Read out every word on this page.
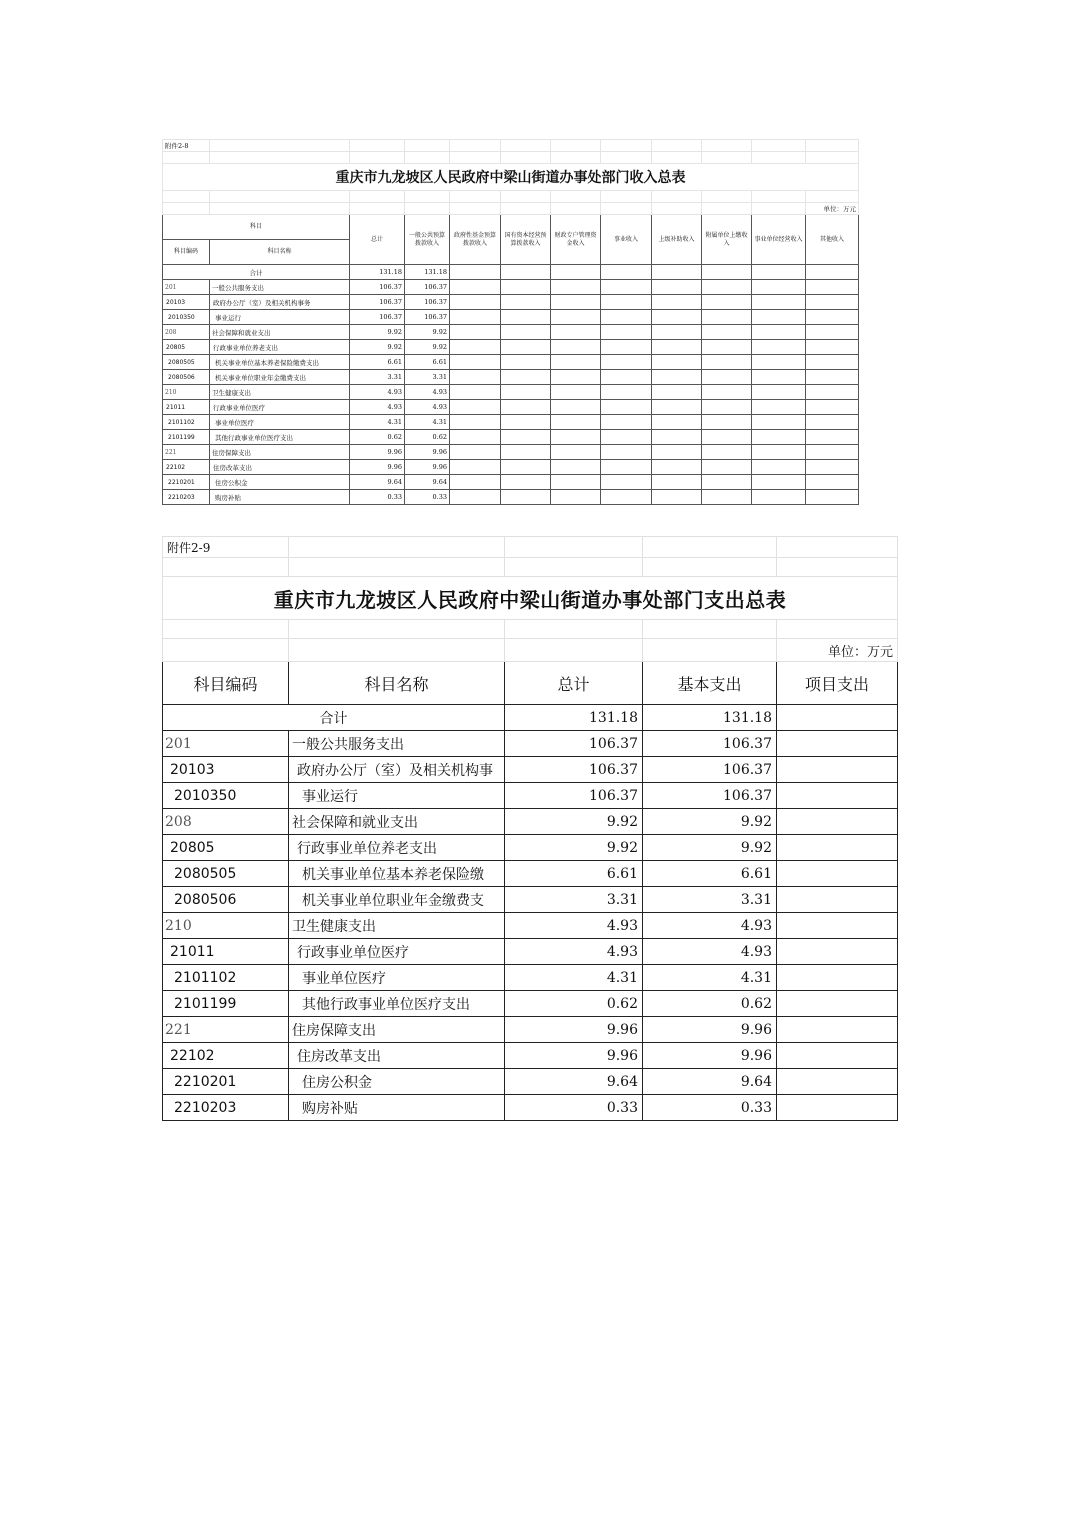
附件2-8											

重庆市九龙坡区人民政府中梁山街道办事处部门收入总表											

											单位：万元
科目		总计	一般公共预算拨款收入	政府性基金预算拨款收入	国有资本经营预算拨款收入	财政专户管理资金收入	事业收入	上级补助收入	附属单位上缴收入	事业单位经营收入	其他收入
科目编码	科目名称										
合计		131.18	131.18								
201	一般公共服务支出	106.37	106.37								
20103	政府办公厅（室）及相关机构事务	106.37	106.37								
2010350	事业运行	106.37	106.37								
208	社会保障和就业支出	9.92	9.92								
20805	行政事业单位养老支出	9.92	9.92								
2080505	机关事业单位基本养老保险缴费支出	6.61	6.61								
2080506	机关事业单位职业年金缴费支出	3.31	3.31								
210	卫生健康支出	4.93	4.93								
21011	行政事业单位医疗	4.93	4.93								
2101102	事业单位医疗	4.31	4.31								
2101199	其他行政事业单位医疗支出	0.62	0.62								
221	住房保障支出	9.96	9.96								
22102	住房改革支出	9.96	9.96								
2210201	住房公积金	9.64	9.64								
2210203	购房补贴	0.33	0.33								
附件2-9				

重庆市九龙坡区人民政府中梁山街道办事处部门支出总表				

				单位：万元
科目编码	科目名称	总计	基本支出	项目支出
合计		131.18	131.18	
201	一般公共服务支出	106.37	106.37	
20103	政府办公厅（室）及相关机构事	106.37	106.37	
2010350	事业运行	106.37	106.37	
208	社会保障和就业支出	9.92	9.92	
20805	行政事业单位养老支出	9.92	9.92	
2080505	机关事业单位基本养老保险缴	6.61	6.61	
2080506	机关事业单位职业年金缴费支	3.31	3.31	
210	卫生健康支出	4.93	4.93	
21011	行政事业单位医疗	4.93	4.93	
2101102	事业单位医疗	4.31	4.31	
2101199	其他行政事业单位医疗支出	0.62	0.62	
221	住房保障支出	9.96	9.96	
22102	住房改革支出	9.96	9.96	
2210201	住房公积金	9.64	9.64	
2210203	购房补贴	0.33	0.33	
